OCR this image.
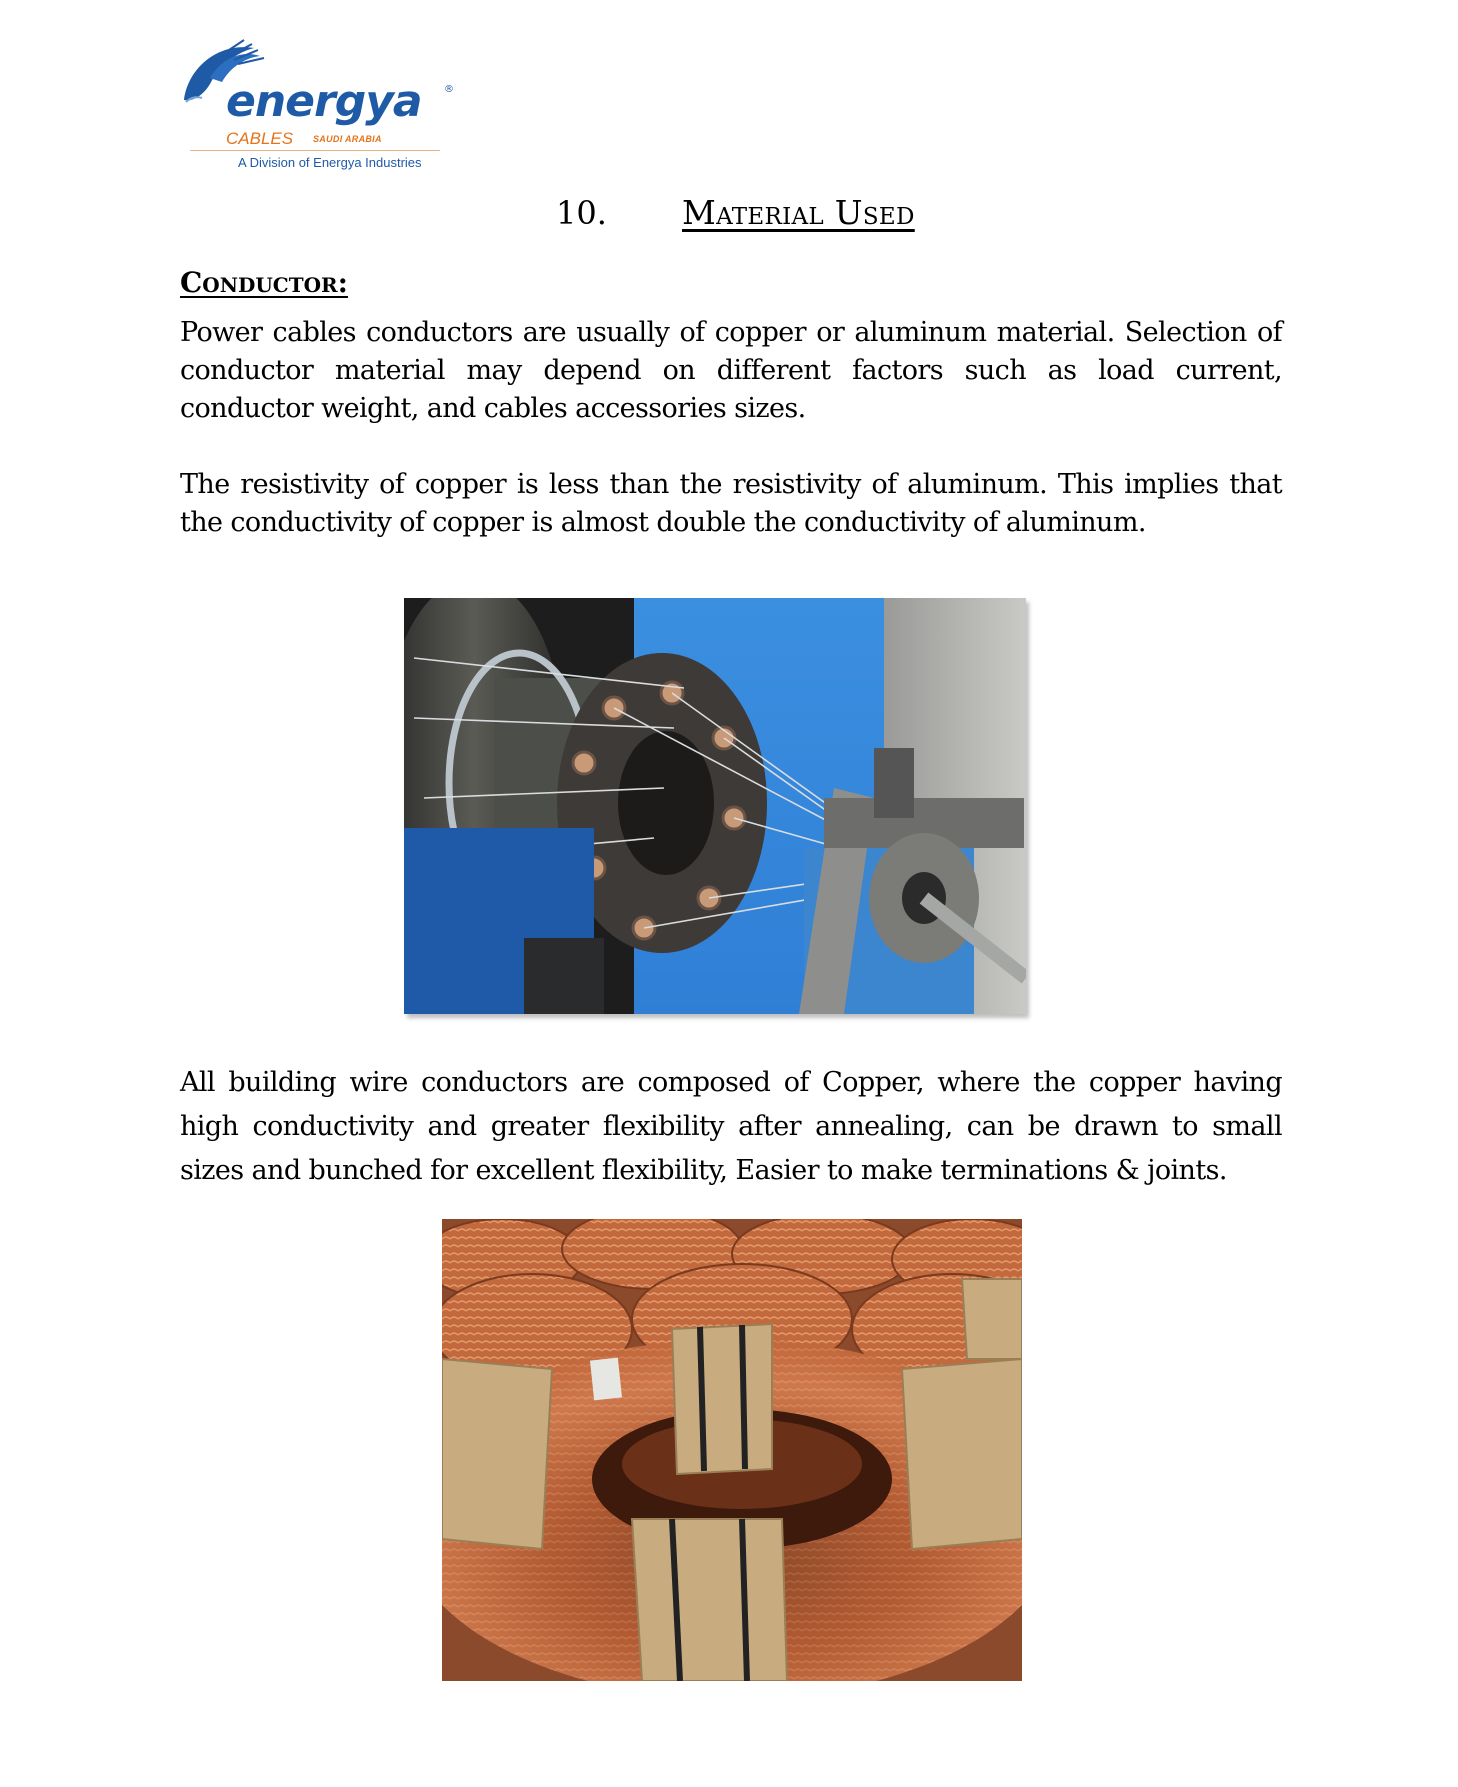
energya ®
CABLES SAUDI ARABIA
A Division of Energya Industries
10. Material Used
Conductor:

Power cables conductors are usually of copper or aluminum material. Selection of conductor material may depend on different factors such as load current, conductor weight, and cables accessories sizes.

The resistivity of copper is less than the resistivity of aluminum. This implies that the conductivity of copper is almost double the conductivity of aluminum.

All building wire conductors are composed of Copper, where the copper having high conductivity and greater flexibility after annealing, can be drawn to small sizes and bunched for excellent flexibility, Easier to make terminations & joints.
